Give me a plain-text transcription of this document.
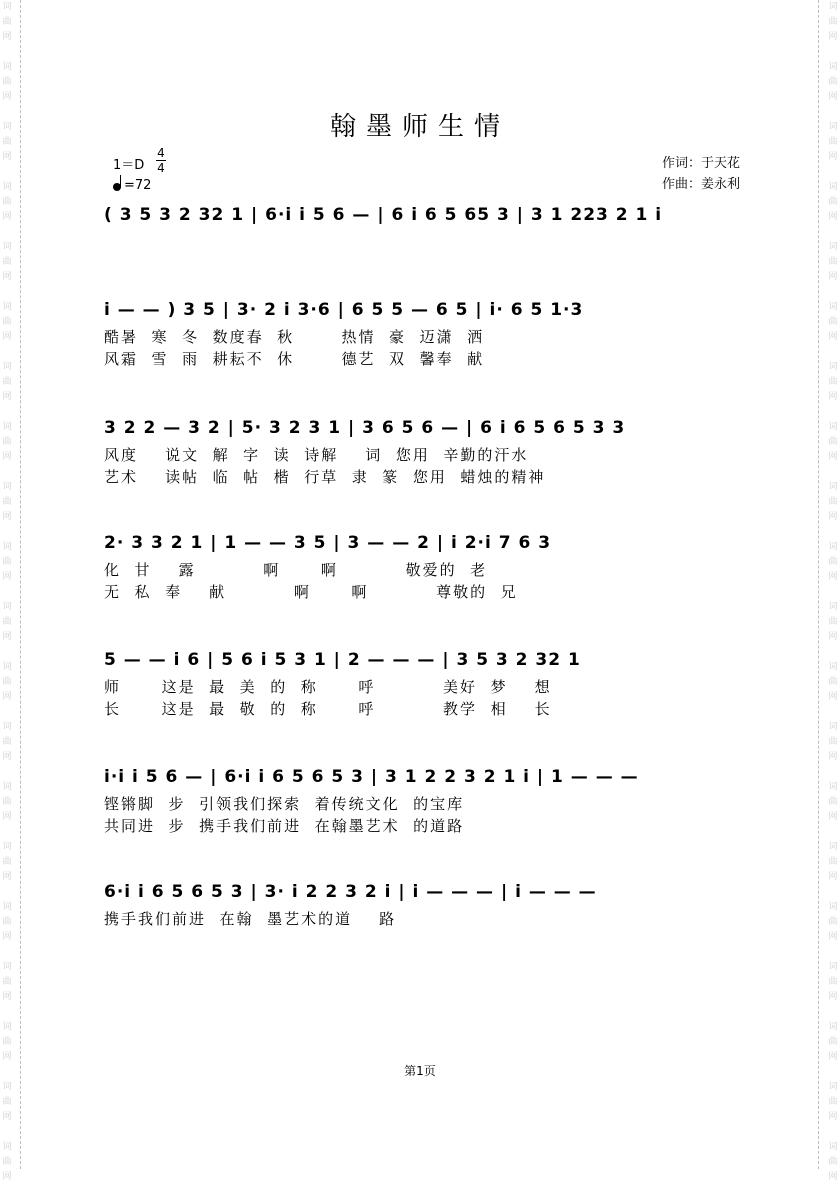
词
曲
网
词
曲
网
词
曲
网
词
曲
网
词
曲
网
词
曲
网
词
曲
网
词
曲
网
词
曲
网
词
曲
网
词
曲
网
词
曲
网
词
曲
网
词
曲
网
词
曲
网
词
曲
网
词
曲
网
词
曲
网
词
曲
网
词
曲
网
词
曲
网
词
曲
网
词
曲
网
词
曲
网
词
曲
网
词
曲
网
词
曲
网
词
曲
网
词
曲
网
词
曲
网
词
曲
网
词
曲
网
词
曲
网
词
曲
网
词
曲
网
词
曲
网
词
曲
网
词
曲
网
词
曲
网
词
曲
网
翰墨师生情
1＝D
4
4
=72
作词：于天花
作曲：姜永利
( 3 5 3 2 32 1 | 6·i i 5 6 — | 6 i 6 5 65 3 | 3 1 223 2 1 i
i — — ) 3 5 | 3· 2 i 3·6 | 6 5 5 — 6 5 | i· 6 5 1·3
酷暑  寒  冬  数度春  秋       热情  豪  迈潇  洒
风霜  雪  雨  耕耘不  休       德艺  双  馨奉  献
3 2 2 — 3 2 | 5· 3 2 3 1 | 3 6 5 6 — | 6 i 6 5 6 5 3 3
风度    说文  解  字  读  诗解    词  您用  辛勤的汗水
艺术    读帖  临  帖  楷  行草  隶  篆  您用  蜡烛的精神
2· 3 3 2 1 | 1 — — 3 5 | 3 — — 2 | i 2·i 7 6 3
化  甘    露          啊      啊          敬爱的  老
无  私  奉    献          啊      啊          尊敬的  兄
5 — — i 6 | 5 6 i 5 3 1 | 2 — — — | 3 5 3 2 32 1
师      这是  最  美  的  称      呼          美好  梦    想
长      这是  最  敬  的  称      呼          教学  相    长
i·i i 5 6 — | 6·i i 6 5 6 5 3 | 3 1 2 2 3 2 1 i | 1 — — —
铿锵脚  步  引领我们探索  着传统文化  的宝库
共同进  步  携手我们前进  在翰墨艺术  的道路
6·i i 6 5 6 5 3 | 3· i 2 2 3 2 i | i — — — | i — — —
携手我们前进  在翰  墨艺术的道    路
第1页
